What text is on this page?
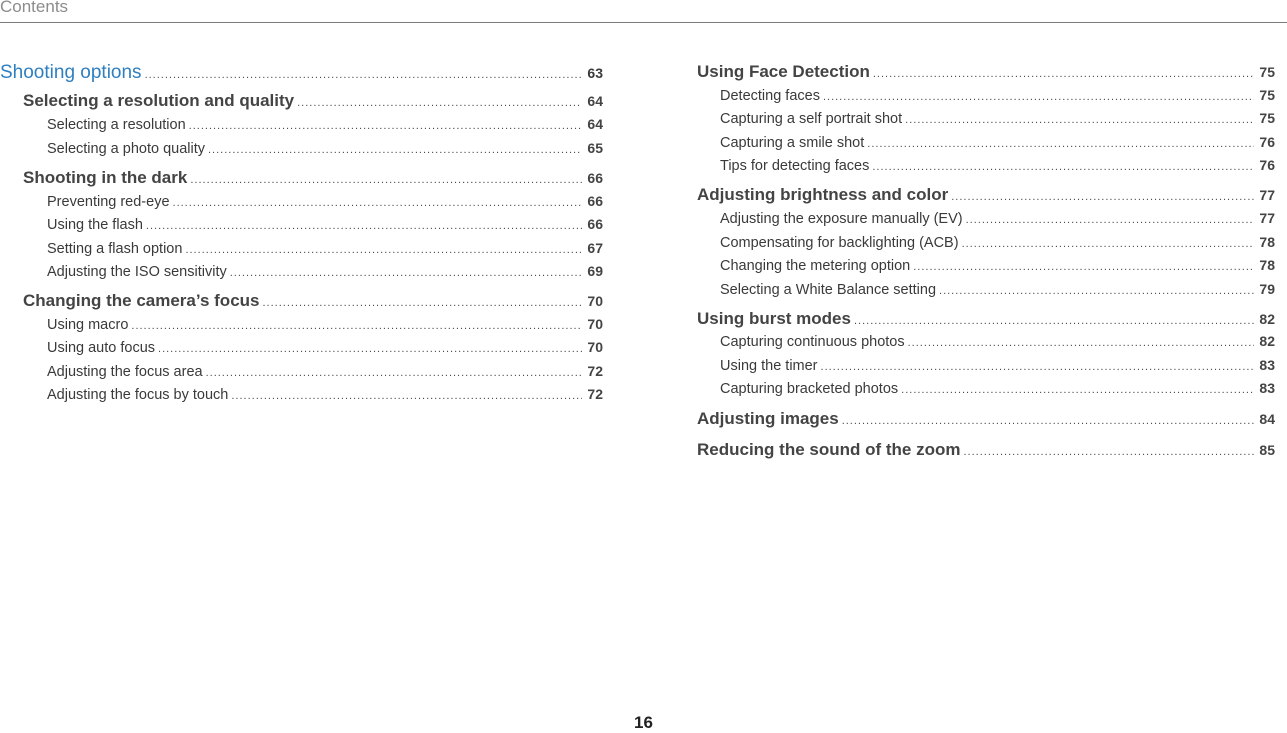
Contents
Shooting options .....	63
Selecting a resolution and quality .....	64
Selecting a resolution .....	64
Selecting a photo quality .....	65
Shooting in the dark .....	66
Preventing red-eye .....	66
Using the flash .....	66
Setting a flash option .....	67
Adjusting the ISO sensitivity .....	69
Changing the camera’s focus .....	70
Using macro .....	70
Using auto focus .....	70
Adjusting the focus area .....	72
Adjusting the focus by touch .....	72
Using Face Detection .....	75
Detecting faces .....	75
Capturing a self portrait shot .....	75
Capturing a smile shot .....	76
Tips for detecting faces .....	76
Adjusting brightness and color .....	77
Adjusting the exposure manually (EV) .....	77
Compensating for backlighting (ACB) .....	78
Changing the metering option .....	78
Selecting a White Balance setting .....	79
Using burst modes .....	82
Capturing continuous photos .....	82
Using the timer .....	83
Capturing bracketed photos .....	83
Adjusting images .....	84
Reducing the sound of the zoom .....	85
16
